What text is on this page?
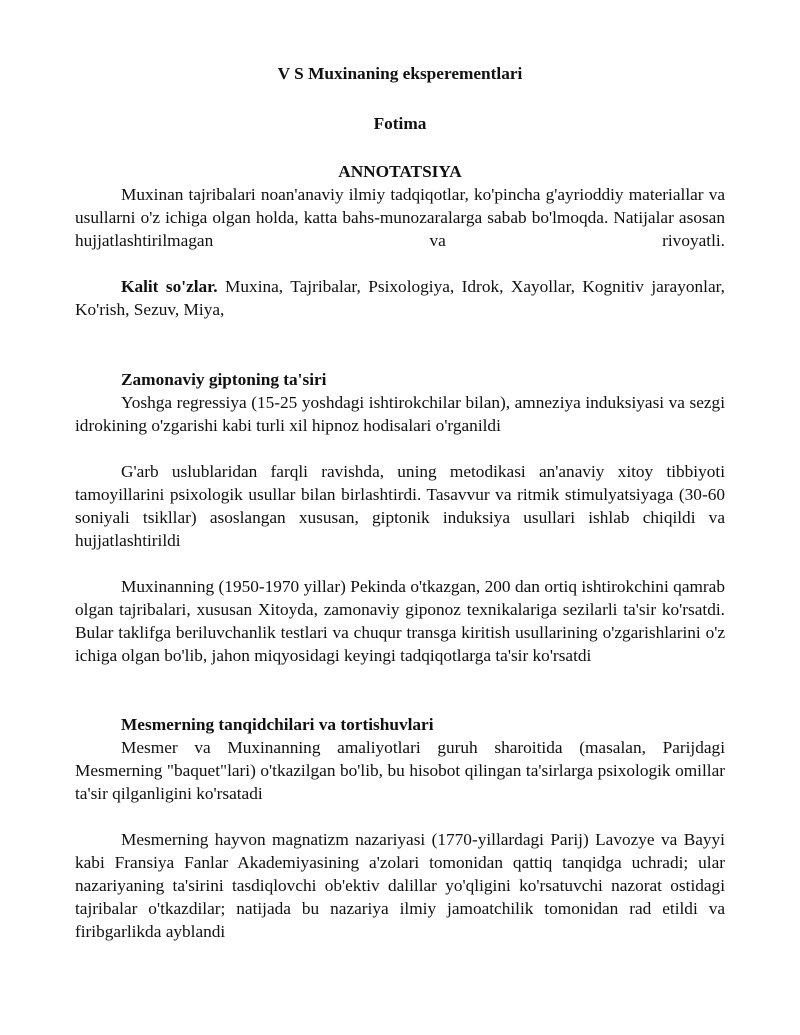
V S Muxinaning eksperementlari

Fotima

ANNOTATSIYA

Muxinan tajribalari noan'anaviy ilmiy tadqiqotlar, ko'pincha g'ayrioddiy materiallar va usullarni o'z ichiga olgan holda, katta bahs-munozaralarga sabab bo'lmoqda. Natijalar asosan hujjatlashtirilmagan va rivoyatli.

Kalit so'zlar. Muxina, Tajribalar, Psixologiya, Idrok, Xayollar, Kognitiv jarayonlar, Ko'rish, Sezuv, Miya,

Zamonaviy giptoning ta'siri

Yoshga regressiya (15-25 yoshdagi ishtirokchilar bilan), amneziya induksiyasi va sezgi idrokining o'zgarishi kabi turli xil hipnoz hodisalari o'rganildi

G'arb uslublaridan farqli ravishda, uning metodikasi an'anaviy xitoy tibbiyoti tamoyillarini psixologik usullar bilan birlashtirdi. Tasavvur va ritmik stimulyatsiyaga (30-60 soniyali tsikllar) asoslangan xususan, giptonik induksiya usullari ishlab chiqildi va hujjatlashtirildi

Muxinanning (1950-1970 yillar) Pekinda o'tkazgan, 200 dan ortiq ishtirokchini qamrab olgan tajribalari, xususan Xitoyda, zamonaviy giponoz texnikalariga sezilarli ta'sir ko'rsatdi. Bular taklifga beriluvchanlik testlari va chuqur transga kiritish usullarining o'zgarishlarini o'z ichiga olgan bo'lib, jahon miqyosidagi keyingi tadqiqotlarga ta'sir ko'rsatdi

Mesmerning tanqidchilari va tortishuvlari

Mesmer va Muxinanning amaliyotlari guruh sharoitida (masalan, Parijdagi Mesmerning "baquet"lari) o'tkazilgan bo'lib, bu hisobot qilingan ta'sirlarga psixologik omillar ta'sir qilganligini ko'rsatadi

Mesmerning hayvon magnatizm nazariyasi (1770-yillardagi Parij) Lavozye va Bayyi kabi Fransiya Fanlar Akademiyasining a'zolari tomonidan qattiq tanqidga uchradi; ular nazariyaning ta'sirini tasdiqlovchi ob'ektiv dalillar yo'qligini ko'rsatuvchi nazorat ostidagi tajribalar o'tkazdilar; natijada bu nazariya ilmiy jamoatchilik tomonidan rad etildi va firibgarlikda ayblandi
